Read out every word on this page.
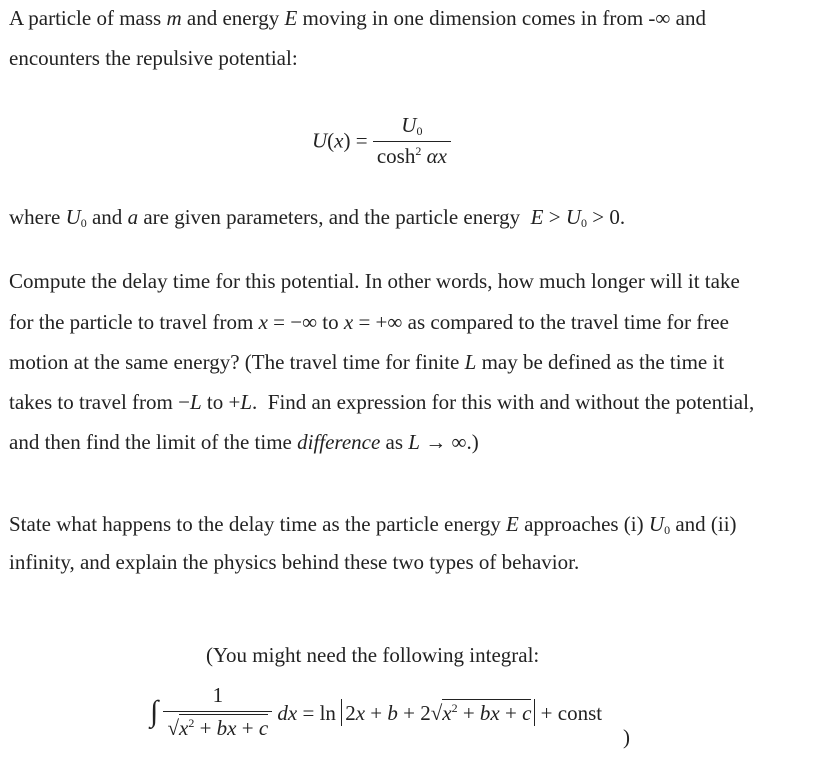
A particle of mass m and energy E moving in one dimension comes in from -∞ and
encounters the repulsive potential:
$U(x) = \frac{U_0}{\cosh^2 \alpha x}$
where $U_0$ and a are given parameters, and the particle energy  $E > U_0 > 0$.
Compute the delay time for this potential. In other words, how much longer will it take
for the particle to travel from x = −∞ to x = +∞ as compared to the travel time for free
motion at the same energy? (The travel time for finite L may be defined as the time it
takes to travel from −L to +L.  Find an expression for this with and without the potential,
and then find the limit of the time difference as L → ∞.)
State what happens to the delay time as the particle energy E approaches (i) $U_0$ and (ii)
infinity, and explain the physics behind these two types of behavior.
(You might need the following integral:
∫ $\frac{1}{√x^2 + bx + c}$ dx = $\ln 2x + b + 2√x^2$ + bx + c + const
)
